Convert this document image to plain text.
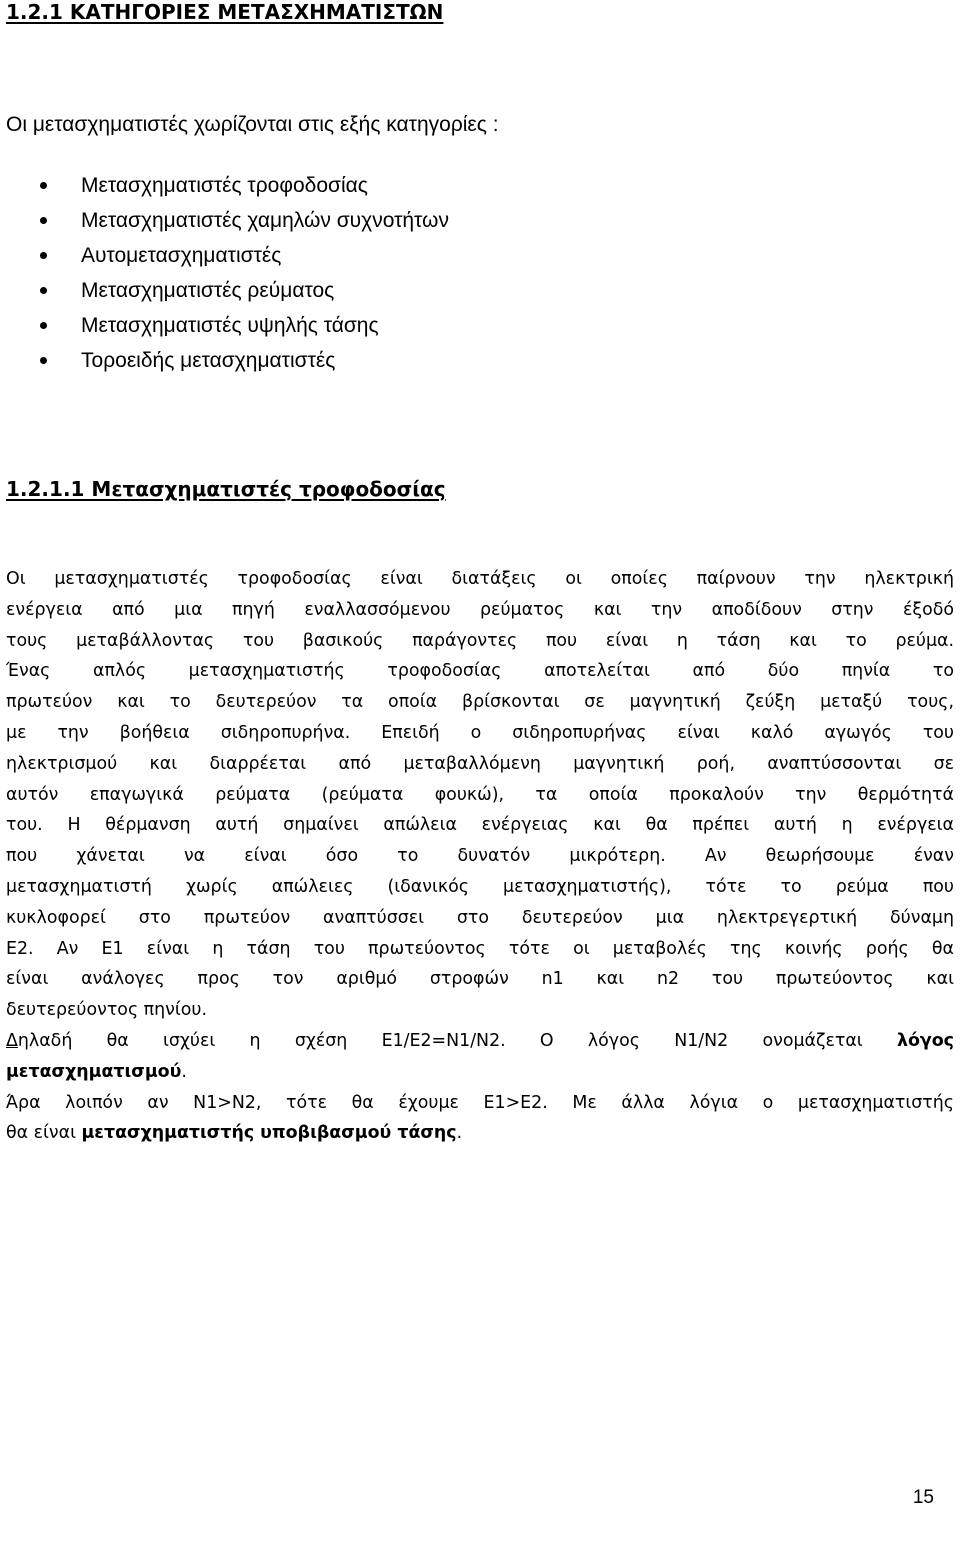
1.2.1 ΚΑΤΗΓΟΡΙΕΣ ΜΕΤΑΣΧΗΜΑΤΙΣΤΩΝ

Οι μετασχηματιστές χωρίζονται στις εξής κατηγορίες :

Μετασχηματιστές τροφοδοσίας
Μετασχηματιστές χαμηλών συχνοτήτων
Αυτομετασχηματιστές
Μετασχηματιστές ρεύματος
Μετασχηματιστές υψηλής τάσης
Τοροειδής μετασχηματιστές
1.2.1.1 Μετασχηματιστές τροφοδοσίας
Οι μετασχηματιστές τροφοδοσίας είναι διατάξεις οι οποίες παίρνουν την ηλεκτρική
ενέργεια από μια πηγή εναλλασσόμενου ρεύματος και την αποδίδουν στην έξοδό
τους μεταβάλλοντας του βασικούς παράγοντες που είναι η τάση και το ρεύμα.
Ένας απλός μετασχηματιστής τροφοδοσίας αποτελείται από δύο πηνία το
πρωτεύον και το δευτερεύον τα οποία βρίσκονται σε μαγνητική ζεύξη μεταξύ τους,
με την βοήθεια σιδηροπυρήνα. Επειδή ο σιδηροπυρήνας είναι καλό αγωγός του
ηλεκτρισμού και διαρρέεται από μεταβαλλόμενη μαγνητική ροή, αναπτύσσονται σε
αυτόν επαγωγικά ρεύματα (ρεύματα φουκώ), τα οποία προκαλούν την θερμότητά
του. Η θέρμανση αυτή σημαίνει απώλεια ενέργειας και θα πρέπει αυτή η ενέργεια
που χάνεται να είναι όσο το δυνατόν μικρότερη. Αν θεωρήσουμε έναν
μετασχηματιστή χωρίς απώλειες (ιδανικός μετασχηματιστής), τότε το ρεύμα που
κυκλοφορεί στο πρωτεύον αναπτύσσει στο δευτερεύον μια ηλεκτρεγερτική δύναμη
Ε2. Αν Ε1 είναι η τάση του πρωτεύοντος τότε οι μεταβολές της κοινής ροής θα
είναι ανάλογες προς τον αριθμό στροφών n1 και n2 του πρωτεύοντος και
δευτερεύοντος πηνίου.
Δηλαδή θα ισχύει η σχέση Ε1/Ε2=Ν1/Ν2. Ο λόγος Ν1/Ν2 ονομάζεται λόγος
μετασχηματισμού.
Άρα λοιπόν αν Ν1>Ν2, τότε θα έχουμε Ε1>Ε2. Με άλλα λόγια ο μετασχηματιστής
θα είναι μετασχηματιστής υποβιβασμού τάσης.

15
